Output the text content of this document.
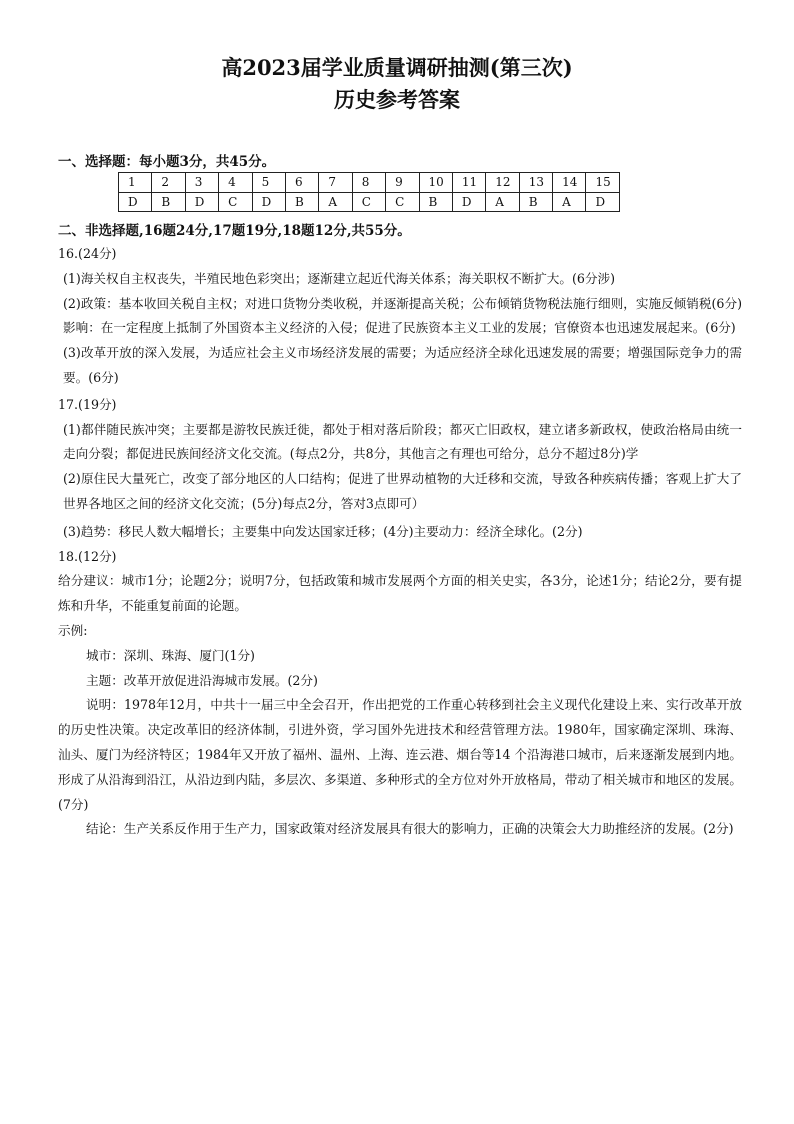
高2023届学业质量调研抽测(第三次)
历史参考答案
一、选择题：每小题3分，共45分。
1	2	3	4	5	6	7	8	9	10	11	12	13	14	15
D	B	D	C	D	B	A	C	C	B	D	A	B	A	D
二、非选择题,16题24分,17题19分,18题12分,共55分。

16.(24分)

(1)海关权自主权丧失，半殖民地色彩突出；逐渐建立起近代海关体系；海关职权不断扩大。(6分涉)

(2)政策：基本收回关税自主权；对进口货物分类收税，并逐渐提高关税；公布倾销货物税法施行细则，实施反倾销税(6分)影响：在一定程度上抵制了外国资本主义经济的入侵；促进了民族资本主义工业的发展；官僚资本也迅速发展起来。(6分)

(3)改革开放的深入发展，为适应社会主义市场经济发展的需要；为适应经济全球化迅速发展的需要；增强国际竞争力的需要。(6分)

17.(19分)

(1)都伴随民族冲突；主要都是游牧民族迁徙，都处于相对落后阶段；都灭亡旧政权，建立诸多新政权，使政治格局由统一走向分裂；都促进民族间经济文化交流。(每点2分，共8分，其他言之有理也可给分，总分不超过8分)学

(2)原住民大量死亡，改变了部分地区的人口结构；促进了世界动植物的大迁移和交流，导致各种疾病传播；客观上扩大了世界各地区之间的经济文化交流；(5分)每点2分，答对3点即可）

(3)趋势：移民人数大幅增长；主要集中向发达国家迁移；(4分)主要动力：经济全球化。(2分)

18.(12分)

给分建议：城市1分；论题2分；说明7分，包括政策和城市发展两个方面的相关史实，各3分，论述1分；结论2分，要有提炼和升华，不能重复前面的论题。

示例:

城市：深圳、珠海、厦门(1分)

主题：改革开放促进沿海城市发展。(2分)

说明：1978年12月，中共十一届三中全会召开，作出把党的工作重心转移到社会主义现代化建设上来、实行改革开放的历史性决策。决定改革旧的经济体制，引进外资，学习国外先进技术和经营管理方法。1980年，国家确定深圳、珠海、汕头、厦门为经济特区；1984年又开放了福州、温州、上海、连云港、烟台等14 个沿海港口城市，后来逐渐发展到内地。形成了从沿海到沿江，从沿边到内陆，多层次、多渠道、多种形式的全方位对外开放格局，带动了相关城市和地区的发展。(7分)

结论：生产关系反作用于生产力，国家政策对经济发展具有很大的影响力，正确的决策会大力助推经济的发展。(2分)
